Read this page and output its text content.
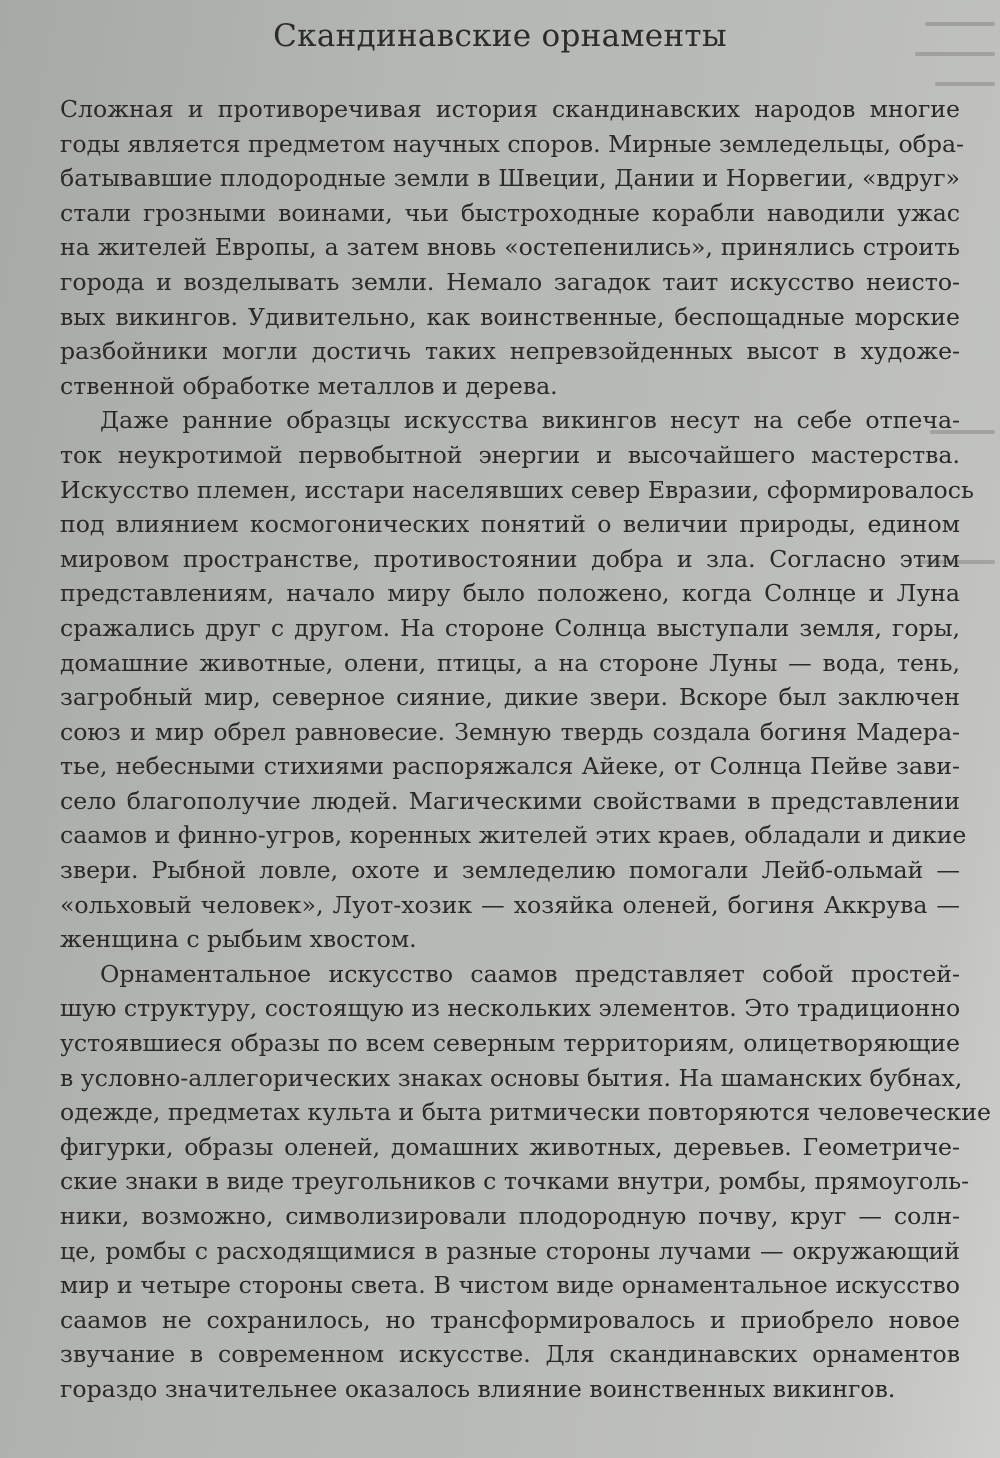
Скандинавские орнаменты
Сложная и противоречивая история скандинавских народов многие
годы является предметом научных споров. Мирные земледельцы, обра-
батывавшие плодородные земли в Швеции, Дании и Норвегии, «вдруг»
стали грозными воинами, чьи быстроходные корабли наводили ужас
на жителей Европы, а затем вновь «остепенились», принялись строить
города и возделывать земли. Немало загадок таит искусство неисто-
вых викингов. Удивительно, как воинственные, беспощадные морские
разбойники могли достичь таких непревзойденных высот в художе-
ственной обработке металлов и дерева.
Даже ранние образцы искусства викингов несут на себе отпеча-
ток неукротимой первобытной энергии и высочайшего мастерства.
Искусство племен, исстари населявших север Евразии, сформировалось
под влиянием космогонических понятий о величии природы, едином
мировом пространстве, противостоянии добра и зла. Согласно этим
представлениям, начало миру было положено, когда Солнце и Луна
сражались друг с другом. На стороне Солнца выступали земля, горы,
домашние животные, олени, птицы, а на стороне Луны — вода, тень,
загробный мир, северное сияние, дикие звери. Вскоре был заключен
союз и мир обрел равновесие. Земную твердь создала богиня Мадера-
тье, небесными стихиями распоряжался Айеке, от Солнца Пейве зави-
село благополучие людей. Магическими свойствами в представлении
саамов и финно-угров, коренных жителей этих краев, обладали и дикие
звери. Рыбной ловле, охоте и земледелию помогали Лейб-ольмай —
«ольховый человек», Луот-хозик — хозяйка оленей, богиня Аккрува —
женщина с рыбьим хвостом.
Орнаментальное искусство саамов представляет собой простей-
шую структуру, состоящую из нескольких элементов. Это традиционно
устоявшиеся образы по всем северным территориям, олицетворяющие
в условно-аллегорических знаках основы бытия. На шаманских бубнах,
одежде, предметах культа и быта ритмически повторяются человеческие
фигурки, образы оленей, домашних животных, деревьев. Геометриче-
ские знаки в виде треугольников с точками внутри, ромбы, прямоуголь-
ники, возможно, символизировали плодородную почву, круг — солн-
це, ромбы с расходящимися в разные стороны лучами — окружающий
мир и четыре стороны света. В чистом виде орнаментальное искусство
саамов не сохранилось, но трансформировалось и приобрело новое
звучание в современном искусстве. Для скандинавских орнаментов
гораздо значительнее оказалось влияние воинственных викингов.
